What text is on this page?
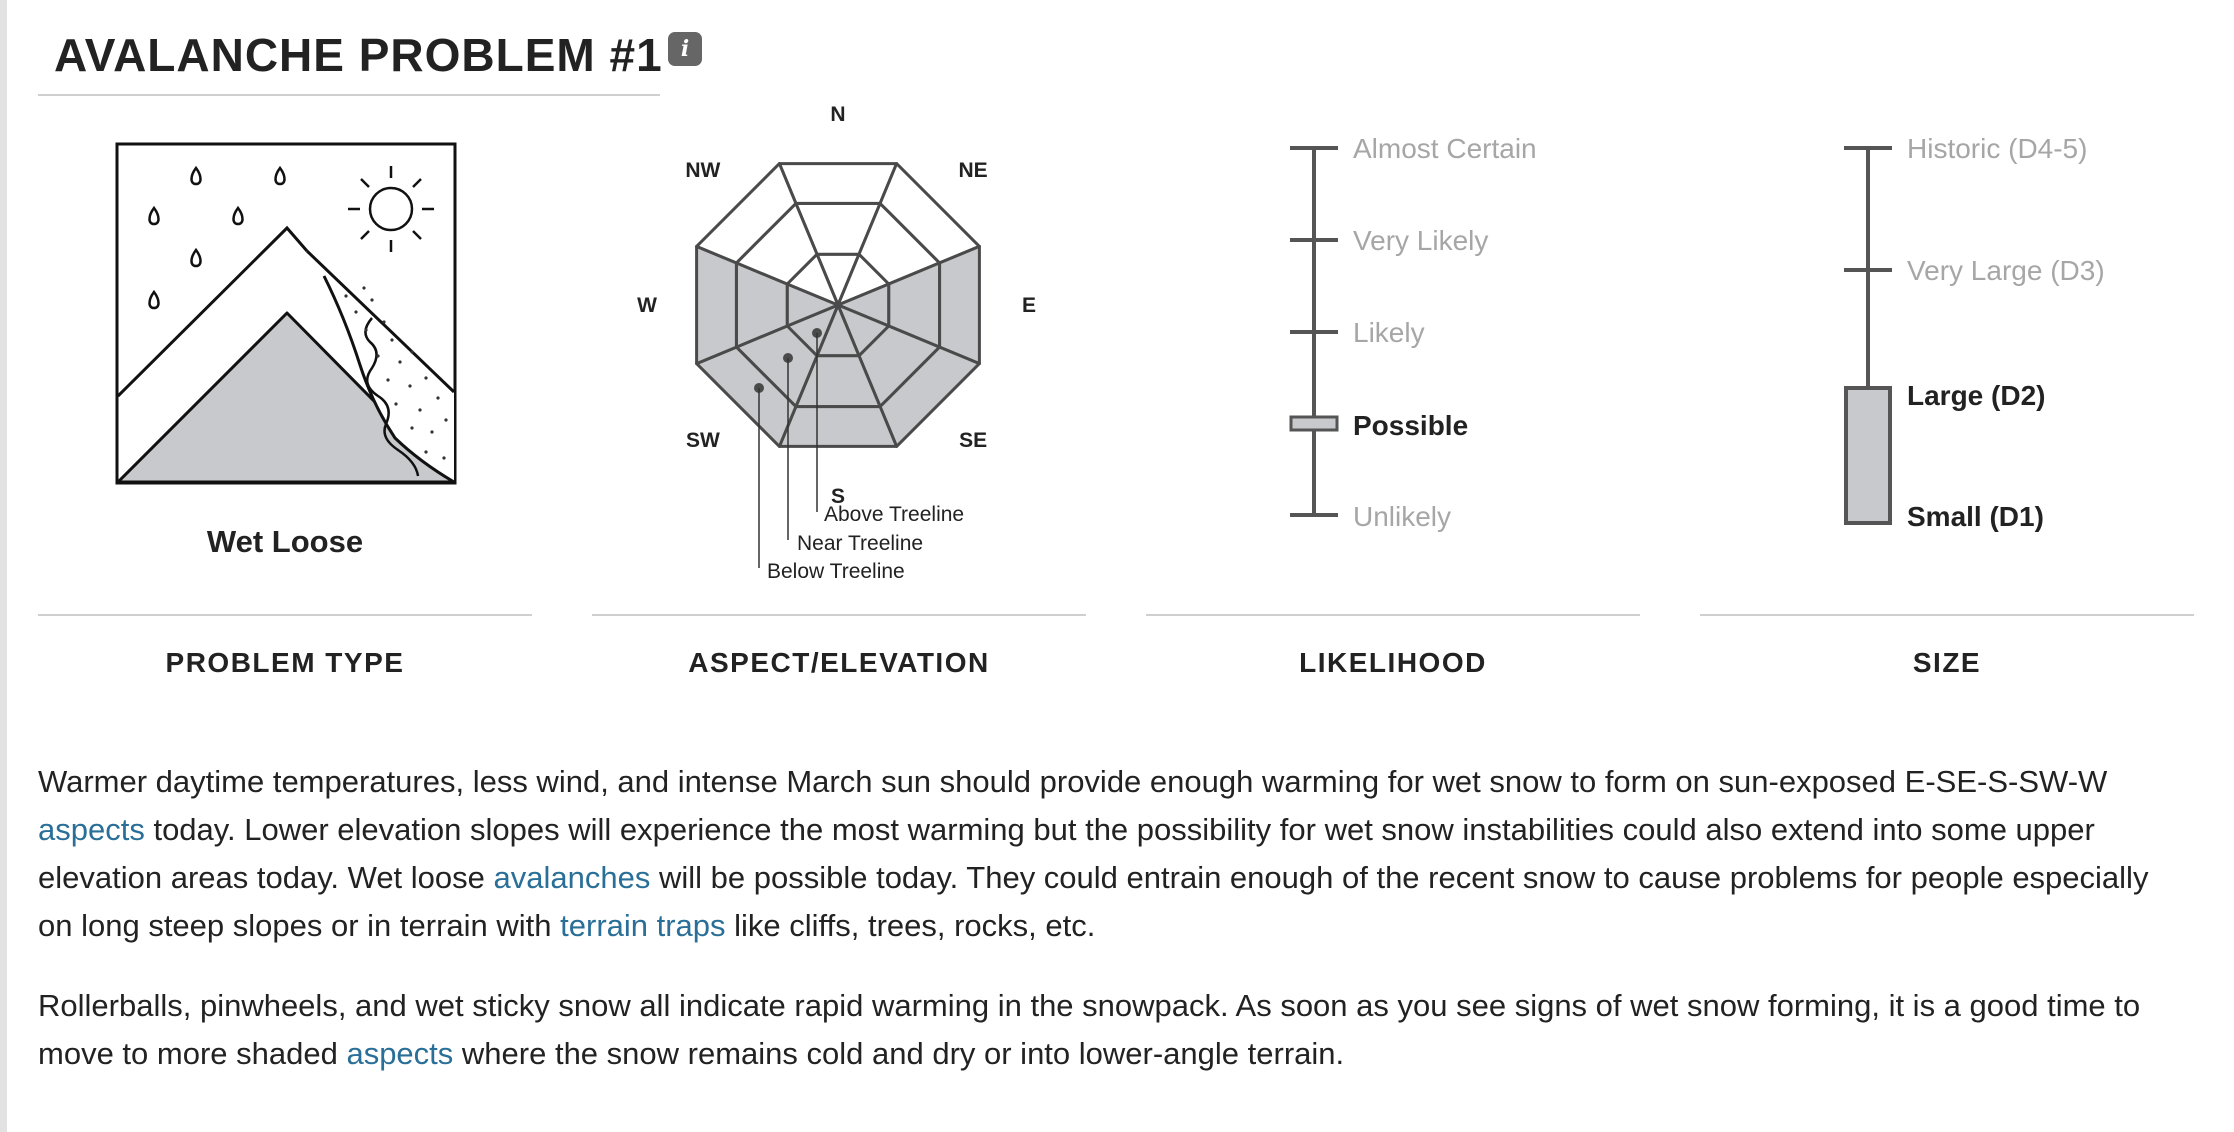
AVALANCHE PROBLEM #1 i
Wet Loose
PROBLEM TYPE
N
NE
E
SE
S
SW
W
NW
Above Treeline
Near Treeline
Below Treeline
ASPECT/ELEVATION
Almost Certain
Very Likely
Likely
Possible
Unlikely
LIKELIHOOD
Historic (D4-5)
Very Large (D3)
Large (D2)
Small (D1)
SIZE

Warmer daytime temperatures, less wind, and intense March sun should provide enough warming for wet snow to form on sun-exposed E-SE-S-SW-W aspects today. Lower elevation slopes will experience the most warming but the possibility for wet snow instabilities could also extend into some upper elevation areas today. Wet loose avalanches will be possible today. They could entrain enough of the recent snow to cause problems for people especially on long steep slopes or in terrain with terrain traps like cliffs, trees, rocks, etc.

Rollerballs, pinwheels, and wet sticky snow all indicate rapid warming in the snowpack. As soon as you see signs of wet snow forming, it is a good time to move to more shaded aspects where the snow remains cold and dry or into lower-angle terrain.
